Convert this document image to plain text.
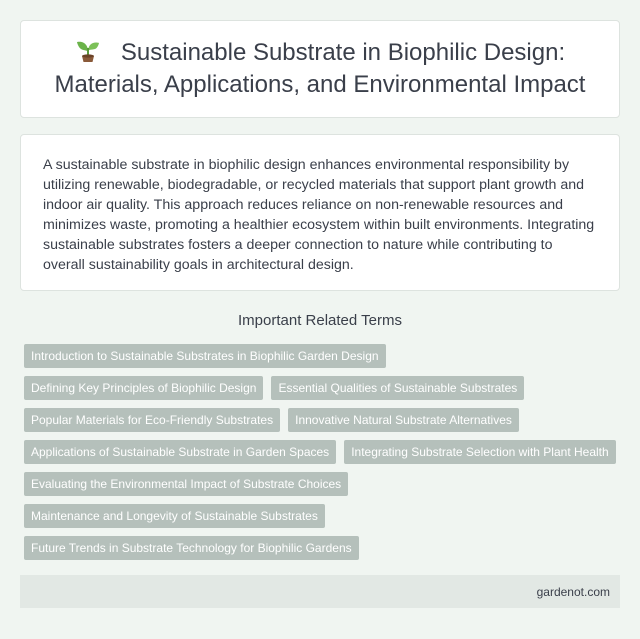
Sustainable Substrate in Biophilic Design: Materials, Applications, and Environmental Impact

A sustainable substrate in biophilic design enhances environmental responsibility by utilizing renewable, biodegradable, or recycled materials that support plant growth and indoor air quality. This approach reduces reliance on non-renewable resources and minimizes waste, promoting a healthier ecosystem within built environments. Integrating sustainable substrates fosters a deeper connection to nature while contributing to overall sustainability goals in architectural design.

Important Related Terms
Introduction to Sustainable Substrates in Biophilic Garden Design
Defining Key Principles of Biophilic Design	Essential Qualities of Sustainable Substrates
Popular Materials for Eco-Friendly Substrates	Innovative Natural Substrate Alternatives
Applications of Sustainable Substrate in Garden Spaces	Integrating Substrate Selection with Plant Health
Evaluating the Environmental Impact of Substrate Choices
Maintenance and Longevity of Sustainable Substrates
Future Trends in Substrate Technology for Biophilic Gardens
gardenot.com
